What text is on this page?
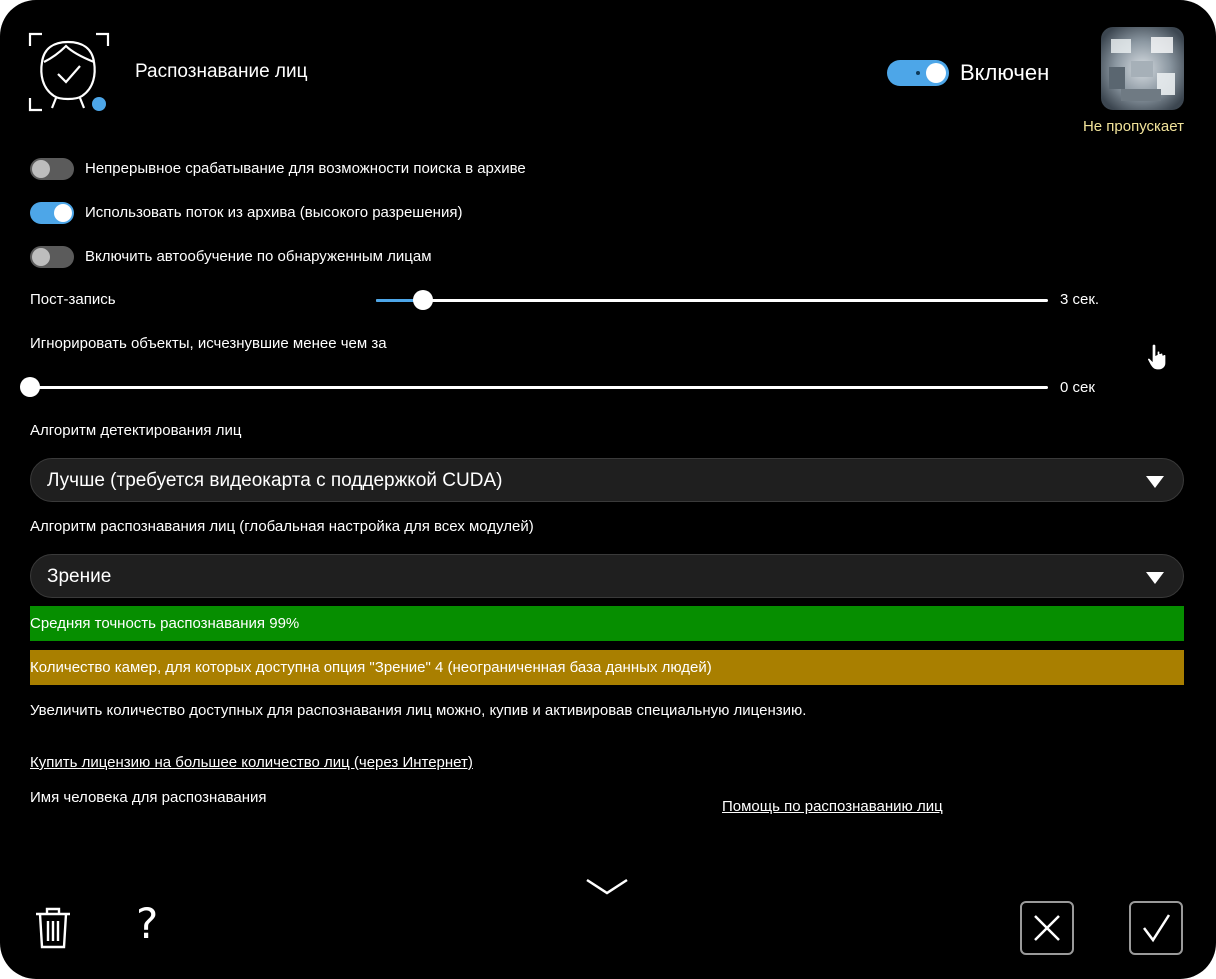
Распознавание лиц	Включен
Не пропускает
Непрерывное срабатывание для возможности поиска в архиве
Использовать поток из архива (высокого разрешения)
Включить автообучение по обнаруженным лицам
Пост-запись	3 сек.
Игнорировать объекты, исчезнувшие менее чем за
0 сек
Алгоритм детектирования лиц
Лучше (требуется видеокарта с поддержкой CUDA)
Алгоритм распознавания лиц (глобальная настройка для всех модулей)
Зрение
Средняя точность распознавания 99%
Количество камер, для которых доступна опция "Зрение" 4 (неограниченная база данных людей)
Увеличить количество доступных для распознавания лиц можно, купив и активировав специальную лицензию.
Купить лицензию на большее количество лиц (через Интернет)
Имя человека для распознавания
Помощь по распознаванию лиц
?
